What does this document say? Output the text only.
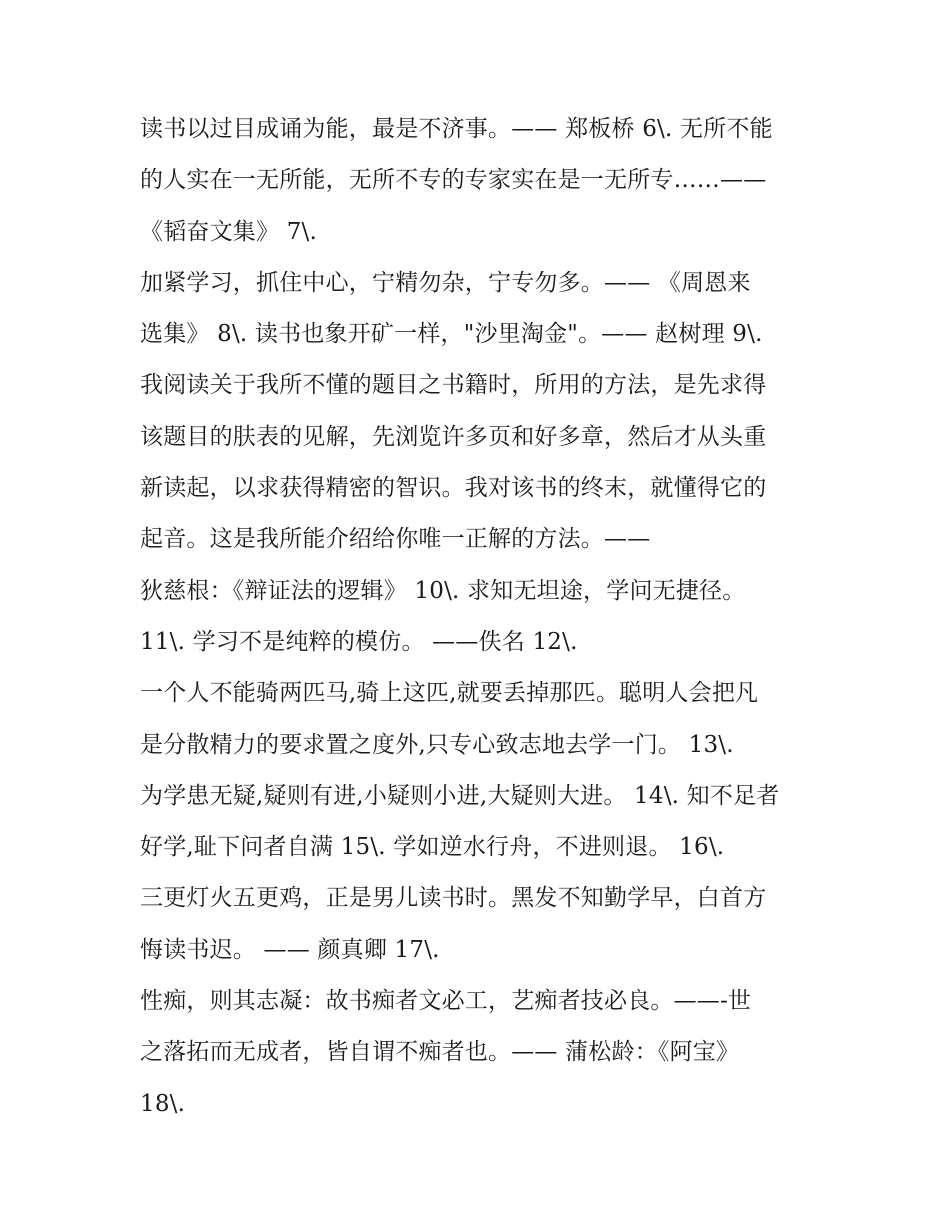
读书以过目成诵为能，最是不济事。—— 郑板桥 6\. 无所不能
的人实在一无所能，无所不专的专家实在是一无所专……——
《韬奋文集》 7\.
加紧学习，抓住中心，宁精勿杂，宁专勿多。—— 《周恩来
选集》 8\. 读书也象开矿一样，"沙里淘金"。—— 赵树理 9\.
我阅读关于我所不懂的题目之书籍时，所用的方法，是先求得
该题目的肤表的见解，先浏览许多页和好多章，然后才从头重
新读起，以求获得精密的智识。我对该书的终末，就懂得它的
起音。这是我所能介绍给你唯一正解的方法。——
狄慈根：《辩证法的逻辑》 10\. 求知无坦途，学问无捷径。
11\. 学习不是纯粹的模仿。 ——佚名 12\.
一个人不能骑两匹马,骑上这匹,就要丢掉那匹。聪明人会把凡
是分散精力的要求置之度外,只专心致志地去学一门。 13\.
为学患无疑,疑则有进,小疑则小进,大疑则大进。 14\. 知不足者
好学,耻下问者自满 15\. 学如逆水行舟，不进则退。 16\.
三更灯火五更鸡，正是男儿读书时。黑发不知勤学早，白首方
悔读书迟。 —— 颜真卿 17\.
性痴，则其志凝：故书痴者文必工，艺痴者技必良。——-世
之落拓而无成者，皆自谓不痴者也。—— 蒲松龄：《阿宝》
18\.
